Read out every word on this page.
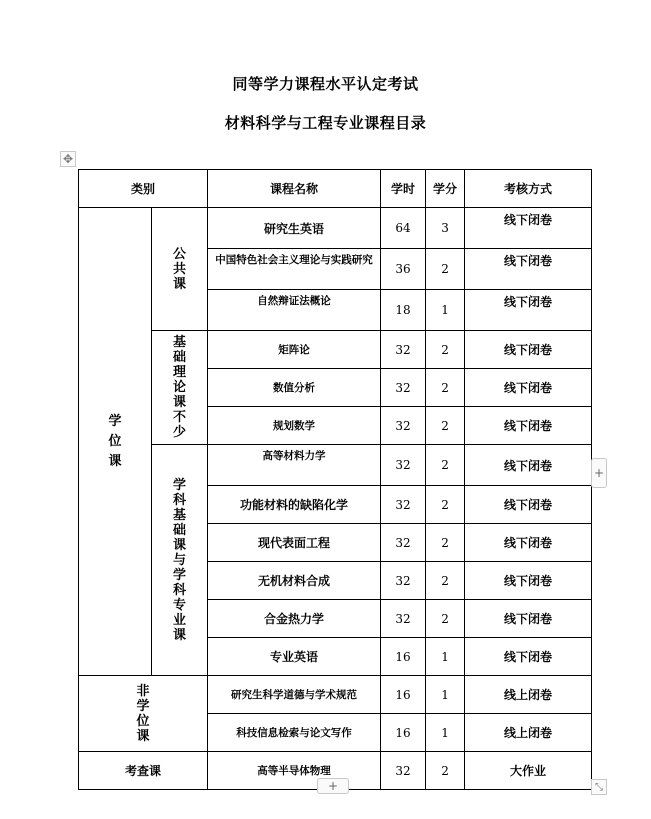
同等学力课程水平认定考试
材料科学与工程专业课程目录
✥
类别		课程名称	学时	学分	考核方式
学位课	公共课	研究生英语	64	3	线下闭卷
		中国特色社会主义理论与实践研究	36	2	线下闭卷
		自然辩证法概论	18	1	线下闭卷
	基础理论课不少	矩阵论	32	2	线下闭卷
		数值分析	32	2	线下闭卷
		规划数学	32	2	线下闭卷
	学科基础课与学科专业课	高等材料力学	32	2	线下闭卷
		功能材料的缺陷化学	32	2	线下闭卷
		现代表面工程	32	2	线下闭卷
		无机材料合成	32	2	线下闭卷
		合金热力学	32	2	线下闭卷
		专业英语	16	1	线下闭卷
非学位课		研究生科学道德与学术规范	16	1	线上闭卷
		科技信息检索与论文写作	16	1	线上闭卷
考查课		高等半导体物理	32	2	大作业
+
+	⤡
